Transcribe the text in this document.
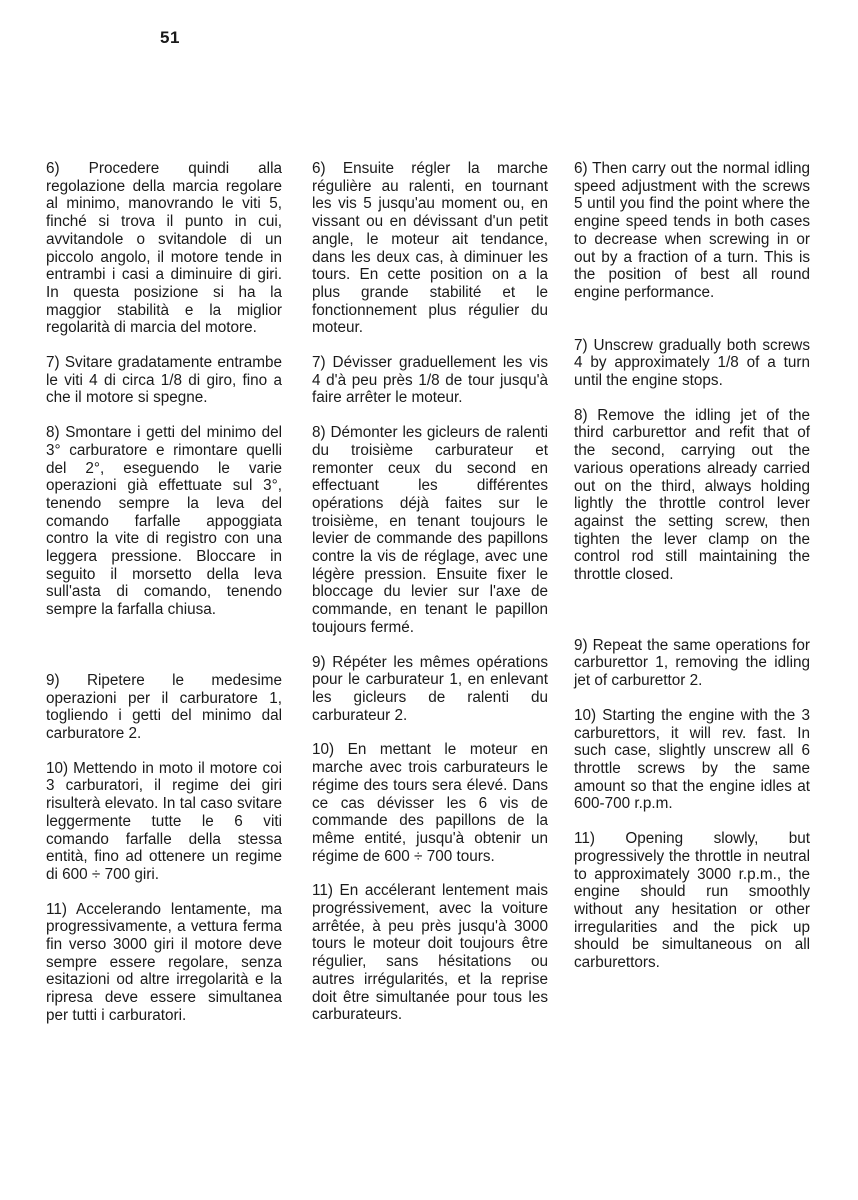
51

6) Procedere quindi alla regolazione della marcia regolare al minimo, manovrando le viti 5, finché si trova il punto in cui, avvitandole o svitandole di un piccolo angolo, il motore tende in entrambi i casi a diminuire di giri. In questa posizione si ha la maggior stabilità e la miglior regolarità di marcia del motore.

7) Svitare gradatamente entrambe le viti 4 di circa 1/8 di giro, fino a che il motore si spegne.

8) Smontare i getti del minimo del 3° carburatore e rimontare quelli del 2°, eseguendo le varie operazioni già effettuate sul 3°, tenendo sempre la leva del comando farfalle appoggiata contro la vite di registro con una leggera pressione. Bloccare in seguito il morsetto della leva sull'asta di comando, tenendo sempre la farfalla chiusa.

9) Ripetere le medesime operazioni per il carburatore 1, togliendo i getti del minimo dal carburatore 2.

10) Mettendo in moto il motore coi 3 carburatori, il regime dei giri risulterà elevato. In tal caso svitare leggermente tutte le 6 viti comando farfalle della stessa entità, fino ad ottenere un regime di 600 ÷ 700 giri.

11) Accelerando lentamente, ma progressivamente, a vettura ferma fin verso 3000 giri il motore deve sempre essere regolare, senza esitazioni od altre irregolarità e la ripresa deve essere simultanea per tutti i carburatori.

6) Ensuite régler la marche régulière au ralenti, en tournant les vis 5 jusqu'au moment ou, en vissant ou en dévissant d'un petit angle, le moteur ait tendance, dans les deux cas, à diminuer les tours. En cette position on a la plus grande stabilité et le fonctionnement plus régulier du moteur.

7) Dévisser graduellement les vis 4 d'à peu près 1/8 de tour jusqu'à faire arrêter le moteur.

8) Démonter les gicleurs de ralenti du troisième carburateur et remonter ceux du second en effectuant les différentes opérations déjà faites sur le troisième, en tenant toujours le levier de commande des papillons contre la vis de réglage, avec une légère pression. Ensuite fixer le bloccage du levier sur l'axe de commande, en tenant le papillon toujours fermé.

9) Répéter les mêmes opérations pour le carburateur 1, en enlevant les gicleurs de ralenti du carburateur 2.

10) En mettant le moteur en marche avec trois carburateurs le régime des tours sera élevé. Dans ce cas dévisser les 6 vis de commande des papillons de la même entité, jusqu'à obtenir un régime de 600 ÷ 700 tours.

11) En accélerant lentement mais progréssivement, avec la voiture arrêtée, à peu près jusqu'à 3000 tours le moteur doit toujours être régulier, sans hésitations ou autres irrégularités, et la reprise doit être simultanée pour tous les carburateurs.

6) Then carry out the normal idling speed adjustment with the screws 5 until you find the point where the engine speed tends in both cases to decrease when screwing in or out by a fraction of a turn. This is the position of best all round engine performance.

7) Unscrew gradually both screws 4 by approximately 1/8 of a turn until the engine stops.

8) Remove the idling jet of the third carburettor and refit that of the second, carrying out the various operations already carried out on the third, always holding lightly the throttle control lever against the setting screw, then tighten the lever clamp on the control rod still maintaining the throttle closed.

9) Repeat the same operations for carburettor 1, removing the idling jet of carburettor 2.

10) Starting the engine with the 3 carburettors, it will rev. fast. In such case, slightly unscrew all 6 throttle screws by the same amount so that the engine idles at 600-700 r.p.m.

11) Opening slowly, but progressively the throttle in neutral to approximately 3000 r.p.m., the engine should run smoothly without any hesitation or other irregularities and the pick up should be simultaneous on all carburettors.
